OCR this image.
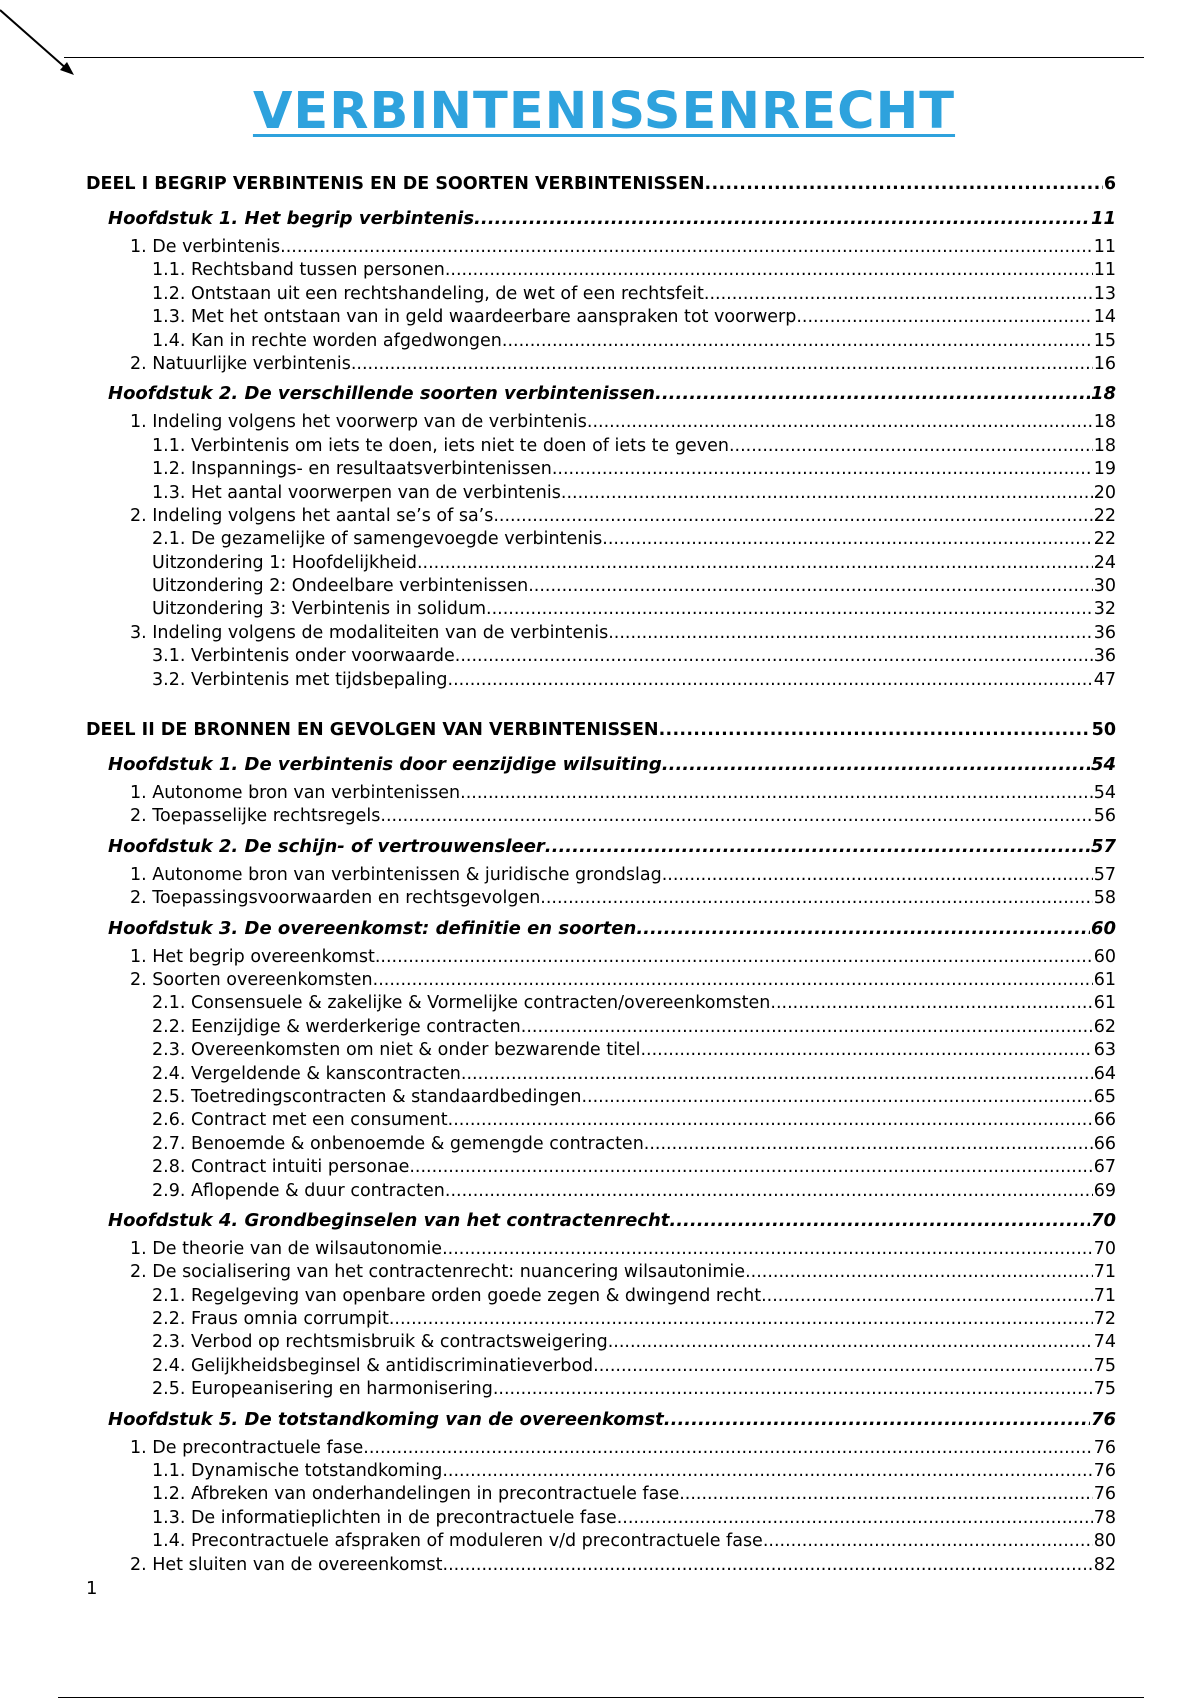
VERBINTENISSENRECHT
DEEL I BEGRIP VERBINTENIS EN DE SOORTEN VERBINTENISSEN .....	6
Hoofdstuk 1. Het begrip verbintenis .....	11
1. De verbintenis .....	11
1.1. Rechtsband tussen personen .....	11
1.2. Ontstaan uit een rechtshandeling, de wet of een rechtsfeit .....	13
1.3. Met het ontstaan van in geld waardeerbare aanspraken tot voorwerp .....	14
1.4. Kan in rechte worden afgedwongen .....	15
2. Natuurlijke verbintenis .....	16
Hoofdstuk 2. De verschillende soorten verbintenissen .....	18
1. Indeling volgens het voorwerp van de verbintenis .....	18
1.1. Verbintenis om iets te doen, iets niet te doen of iets te geven .....	18
1.2. Inspannings- en resultaatsverbintenissen .....	19
1.3. Het aantal voorwerpen van de verbintenis .....	20
2. Indeling volgens het aantal se’s of sa’s .....	22
2.1. De gezamelijke of samengevoegde verbintenis .....	22
Uitzondering 1: Hoofdelijkheid .....	24
Uitzondering 2: Ondeelbare verbintenissen .....	30
Uitzondering 3: Verbintenis in solidum .....	32
3. Indeling volgens de modaliteiten van de verbintenis .....	36
3.1. Verbintenis onder voorwaarde .....	36
3.2. Verbintenis met tijdsbepaling .....	47
DEEL II DE BRONNEN EN GEVOLGEN VAN VERBINTENISSEN .....	50
Hoofdstuk 1. De verbintenis door eenzijdige wilsuiting .....	54
1. Autonome bron van verbintenissen .....	54
2. Toepasselijke rechtsregels .....	56
Hoofdstuk 2. De schijn- of vertrouwensleer .....	57
1. Autonome bron van verbintenissen & juridische grondslag .....	57
2. Toepassingsvoorwaarden en rechtsgevolgen .....	58
Hoofdstuk 3. De overeenkomst: definitie en soorten .....	60
1. Het begrip overeenkomst .....	60
2. Soorten overeenkomsten .....	61
2.1. Consensuele & zakelijke & Vormelijke contracten/overeenkomsten .....	61
2.2. Eenzijdige & werderkerige contracten .....	62
2.3. Overeenkomsten om niet & onder bezwarende titel .....	63
2.4. Vergeldende & kanscontracten .....	64
2.5. Toetredingscontracten & standaardbedingen .....	65
2.6. Contract met een consument .....	66
2.7. Benoemde & onbenoemde & gemengde contracten .....	66
2.8. Contract intuiti personae .....	67
2.9. Aflopende & duur contracten .....	69
Hoofdstuk 4. Grondbeginselen van het contractenrecht .....	70
1. De theorie van de wilsautonomie .....	70
2. De socialisering van het contractenrecht: nuancering wilsautonimie .....	71
2.1. Regelgeving van openbare orden goede zegen & dwingend recht .....	71
2.2. Fraus omnia corrumpit .....	72
2.3. Verbod op rechtsmisbruik & contractsweigering .....	74
2.4. Gelijkheidsbeginsel & antidiscriminatieverbod .....	75
2.5. Europeanisering en harmonisering .....	75
Hoofdstuk 5. De totstandkoming van de overeenkomst .....	76
1. De precontractuele fase .....	76
1.1. Dynamische totstandkoming .....	76
1.2. Afbreken van onderhandelingen in precontractuele fase .....	76
1.3. De informatieplichten in de precontractuele fase .....	78
1.4. Precontractuele afspraken of moduleren v/d precontractuele fase .....	80
2. Het sluiten van de overeenkomst .....	82
1
